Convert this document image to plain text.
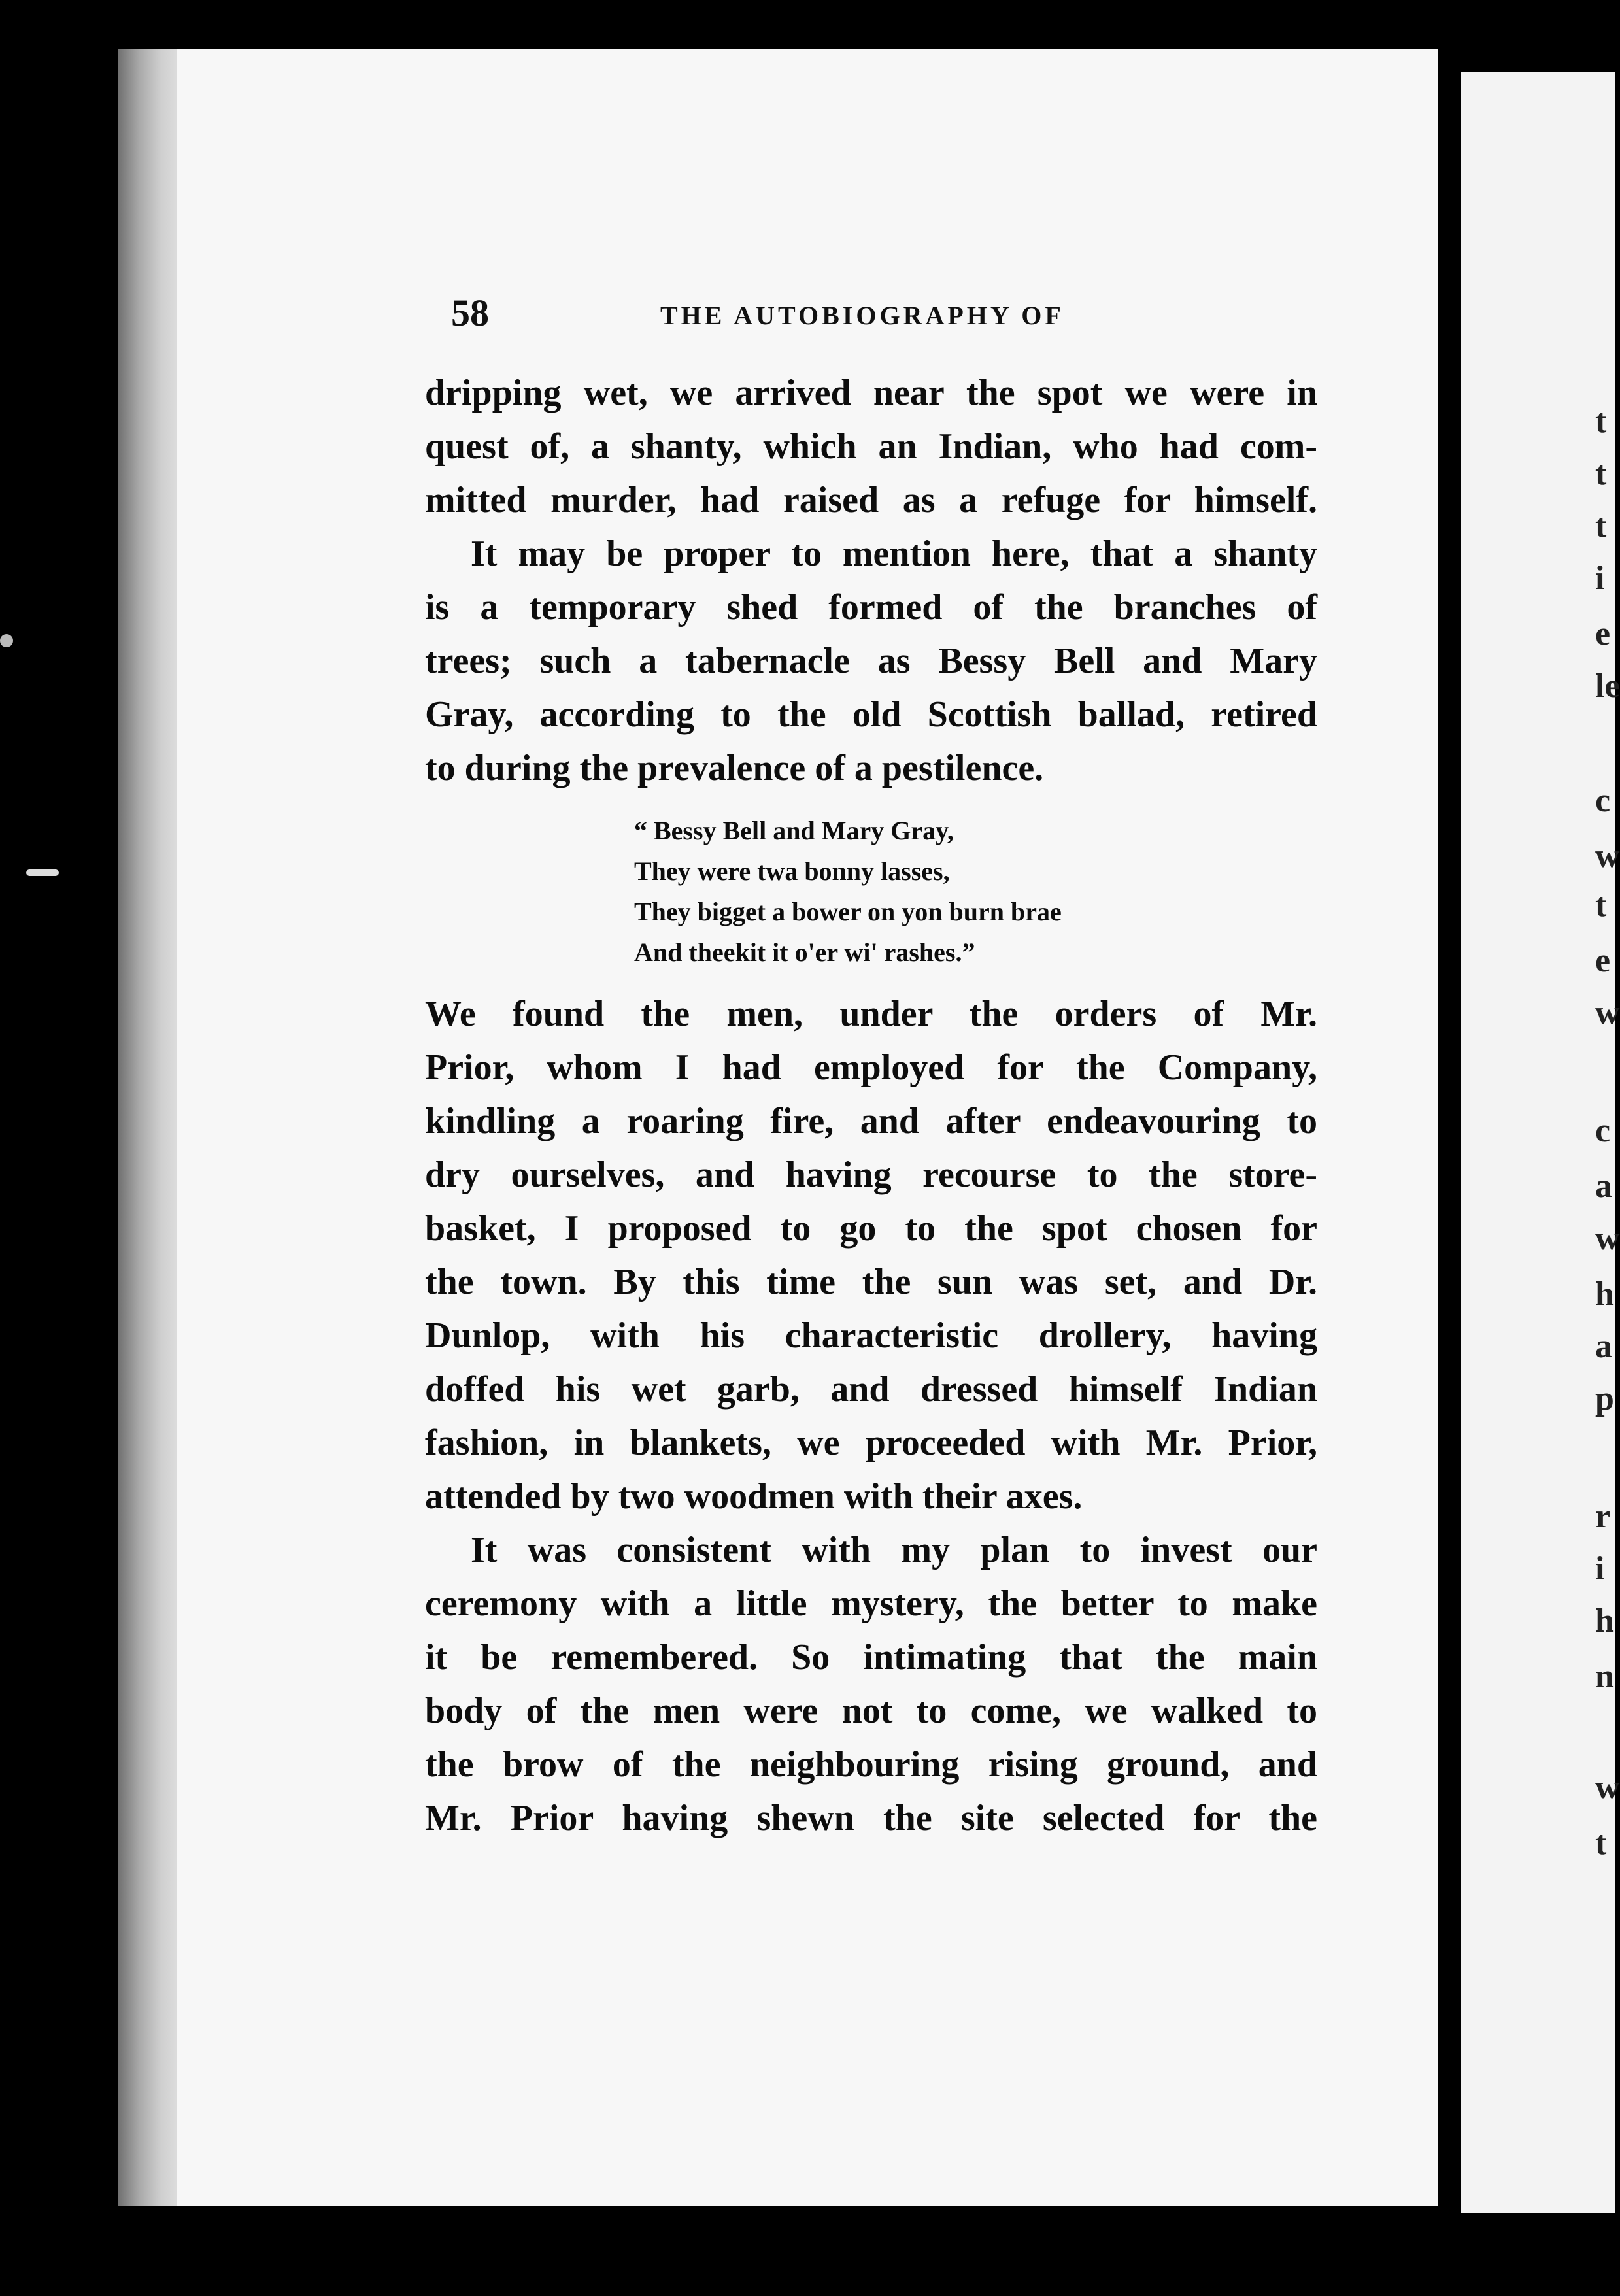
58	THE AUTOBIOGRAPHY OF

dripping wet, we arrived near the spot we were in
quest of, a shanty, which an Indian, who had com-
mitted murder, had raised as a refuge for himself.

It may be proper to mention here, that a shanty
is a temporary shed formed of the branches of
trees; such a tabernacle as Bessy Bell and Mary
Gray, according to the old Scottish ballad, retired
to during the prevalence of a pestilence.

“ Bessy Bell and Mary Gray,
They were twa bonny lasses,
They bigget a bower on yon burn brae
And theekit it o'er wi' rashes.”

We found the men, under the orders of Mr.
Prior, whom I had employed for the Company,
kindling a roaring fire, and after endeavouring to
dry ourselves, and having recourse to the store-
basket, I proposed to go to the spot chosen for
the town. By this time the sun was set, and Dr.
Dunlop, with his characteristic drollery, having
doffed his wet garb, and dressed himself Indian
fashion, in blankets, we proceeded with Mr. Prior,
attended by two woodmen with their axes.

It was consistent with my plan to invest our
ceremony with a little mystery, the better to make
it be remembered. So intimating that the main
body of the men were not to come, we walked to
the brow of the neighbouring rising ground, and
Mr. Prior having shewn the site selected for the

t
t
t
i
e
le
c
w
t
e
w
c
a
w
h
a
p
r
i
h
n
w
t
